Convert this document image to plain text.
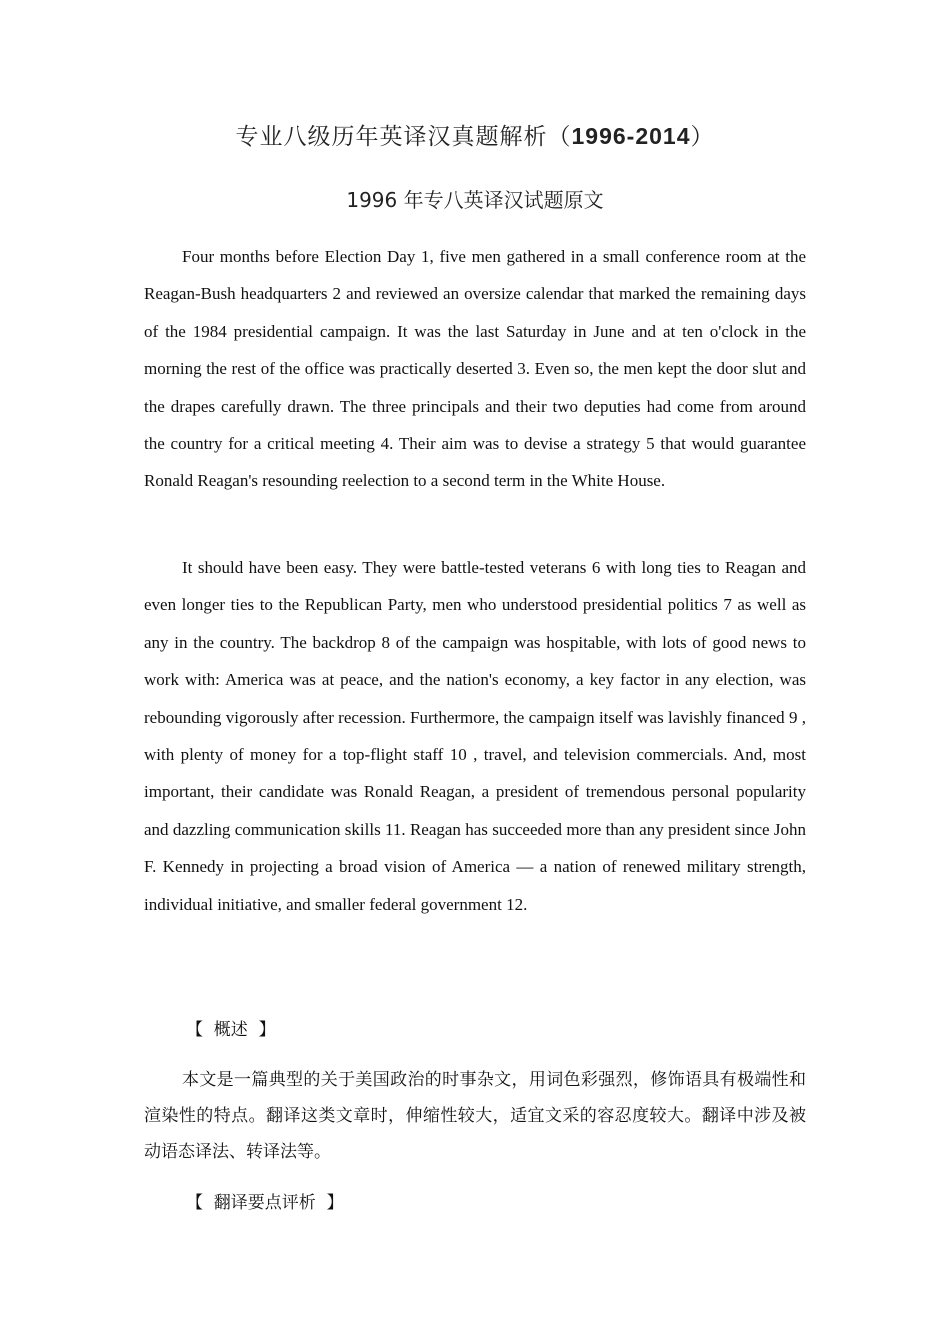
专业八级历年英译汉真题解析（1996-2014）
1996 年专八英译汉试题原文

Four months before Election Day 1, five men gathered in a small conference room at the Reagan-Bush headquarters 2 and reviewed an oversize calendar that marked the remaining days of the 1984 presidential campaign. It was the last Saturday in June and at ten o'clock in the morning the rest of the office was practically deserted 3. Even so, the men kept the door slut and the drapes carefully drawn. The three principals and their two deputies had come from around the country for a critical meeting 4. Their aim was to devise a strategy 5 that would guarantee Ronald Reagan's resounding reelection to a second term in the White House.

It should have been easy. They were battle-tested veterans 6 with long ties to Reagan and even longer ties to the Republican Party, men who understood presidential politics 7 as well as any in the country. The backdrop 8 of the campaign was hospitable, with lots of good news to work with: America was at peace, and the nation's economy, a key factor in any election, was rebounding vigorously after recession. Furthermore, the campaign itself was lavishly financed 9 , with plenty of money for a top-flight staff 10 , travel, and television commercials. And, most important, their candidate was Ronald Reagan, a president of tremendous personal popularity and dazzling communication skills 11. Reagan has succeeded more than any president since John F. Kennedy in projecting a broad vision of America — a nation of renewed military strength, individual initiative, and smaller federal government 12.

【  概述  】

本文是一篇典型的关于美国政治的时事杂文，用词色彩强烈，修饰语具有极端性和渲染性的特点。翻译这类文章时，伸缩性较大，适宜文采的容忍度较大。翻译中涉及被动语态译法、转译法等。

【  翻译要点评析  】
